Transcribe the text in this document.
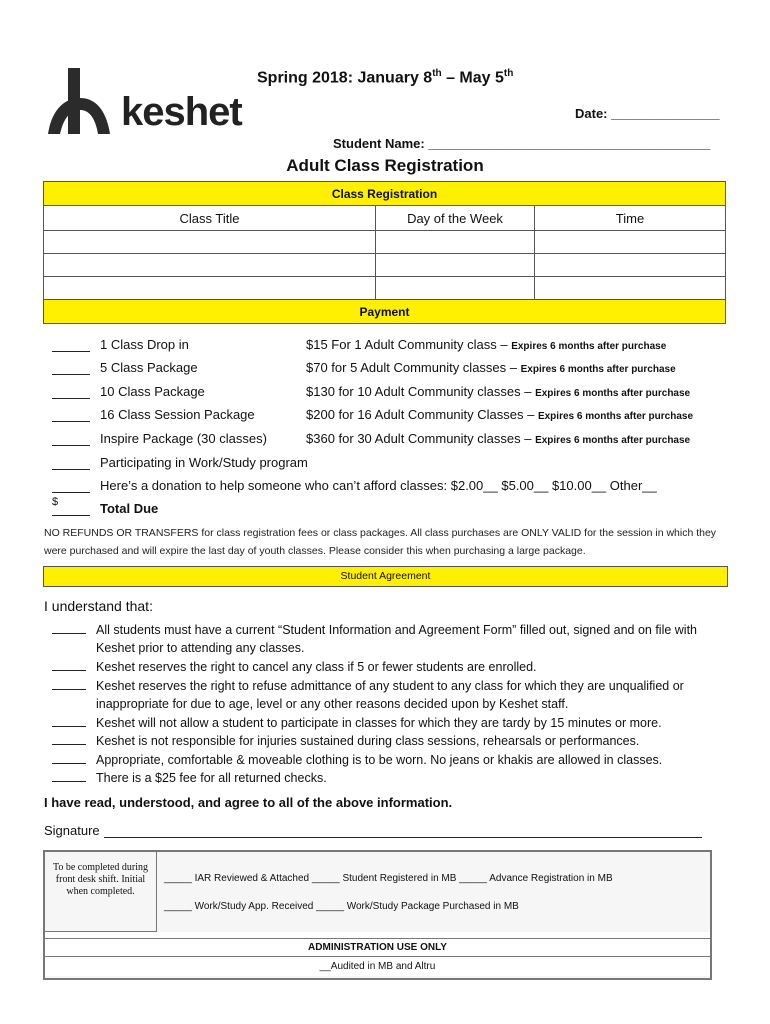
keshet
Spring 2018: January 8th – May 5th
Date: _______________
Student Name: _______________________________________
Adult Class Registration
Class Registration		
Class Title	Day of the Week	Time

Payment		
1 Class Drop in	$15 For 1 Adult Community class – Expires 6 months after purchase
5 Class Package	$70 for 5 Adult Community classes – Expires 6 months after purchase
10 Class Package	$130 for 10 Adult Community classes – Expires 6 months after purchase
16 Class Session Package	$200 for 16 Adult Community Classes – Expires 6 months after purchase
Inspire Package (30 classes)	$360 for 30 Adult Community classes – Expires 6 months after purchase
Participating in Work/Study program
Here’s a donation to help someone who can’t afford classes: $2.00__ $5.00__ $10.00__ Other__
$	Total Due
NO REFUNDS OR TRANSFERS for class registration fees or class packages. All class purchases are ONLY VALID for the session in which they were purchased and will expire the last day of youth classes. Please consider this when purchasing a large package.
Student Agreement
I understand that:
All students must have a current “Student Information and Agreement Form” filled out, signed and on file with Keshet prior to attending any classes.
Keshet reserves the right to cancel any class if 5 or fewer students are enrolled.
Keshet reserves the right to refuse admittance of any student to any class for which they are unqualified or inappropriate for due to age, level or any other reasons decided upon by Keshet staff.
Keshet will not allow a student to participate in classes for which they are tardy by 15 minutes or more.
Keshet is not responsible for injuries sustained during class sessions, rehearsals or performances.
Appropriate, comfortable & moveable clothing is to be worn. No jeans or khakis are allowed in classes.
There is a $25 fee for all returned checks.
I have read, understood, and agree to all of the above information.
Signature
To be completed during front desk shift. Initial when completed.
_____ IAR Reviewed & Attached _____ Student Registered in MB _____ Advance Registration in MB
_____ Work/Study App. Received _____ Work/Study Package Purchased in MB
ADMINISTRATION USE ONLY
__Audited in MB and Altru
